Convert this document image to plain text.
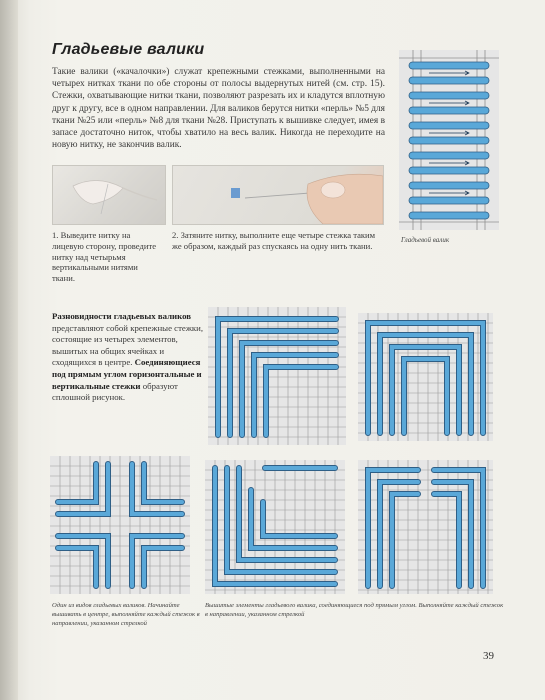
Гладьевые валики
Такие валики («качалочки») служат крепежными стежками, выполненными на четырех нитках ткани по обе стороны от полосы выдернутых нитей (см. стр. 15). Стежки, охватывающие нитки ткани, позволяют разрезать их и кладутся вплотную друг к другу, все в одном направлении. Для валиков берутся нитки «перль» №5 для ткани №25 или «перль» №8 для ткани №28. Приступать к вышивке следует, имея в запасе достаточно ниток, чтобы хватило на весь валик. Никогда не переходите на новую нитку, не закончив валик.
1. Выведите нитку на лицевую сторону, проведите нитку над четырьмя вертикальными нитями ткани.
2. Затяните нитку, выполните еще четыре стежка таким же образом, каждый раз спускаясь на одну нить ткани.
Гладьевой валик
Разновидности гладьевых валиков представляют собой крепежные стежки, состоящие из четырех элементов, вышитых на общих ячейках и сходящихся в центре. Соединяющиеся под прямым углом горизонтальные и вертикальные стежки образуют сплошной рисунок.
Один из видов гладьевых валиков. Начинайте вышивать в центре, выполняйте каждый стежок в направлении, указанном стрелкой
Вышитые элементы гладьевого валика, соединяющиеся под прямым углом. Выполняйте каждый стежок в направлении, указанном стрелкой
39
